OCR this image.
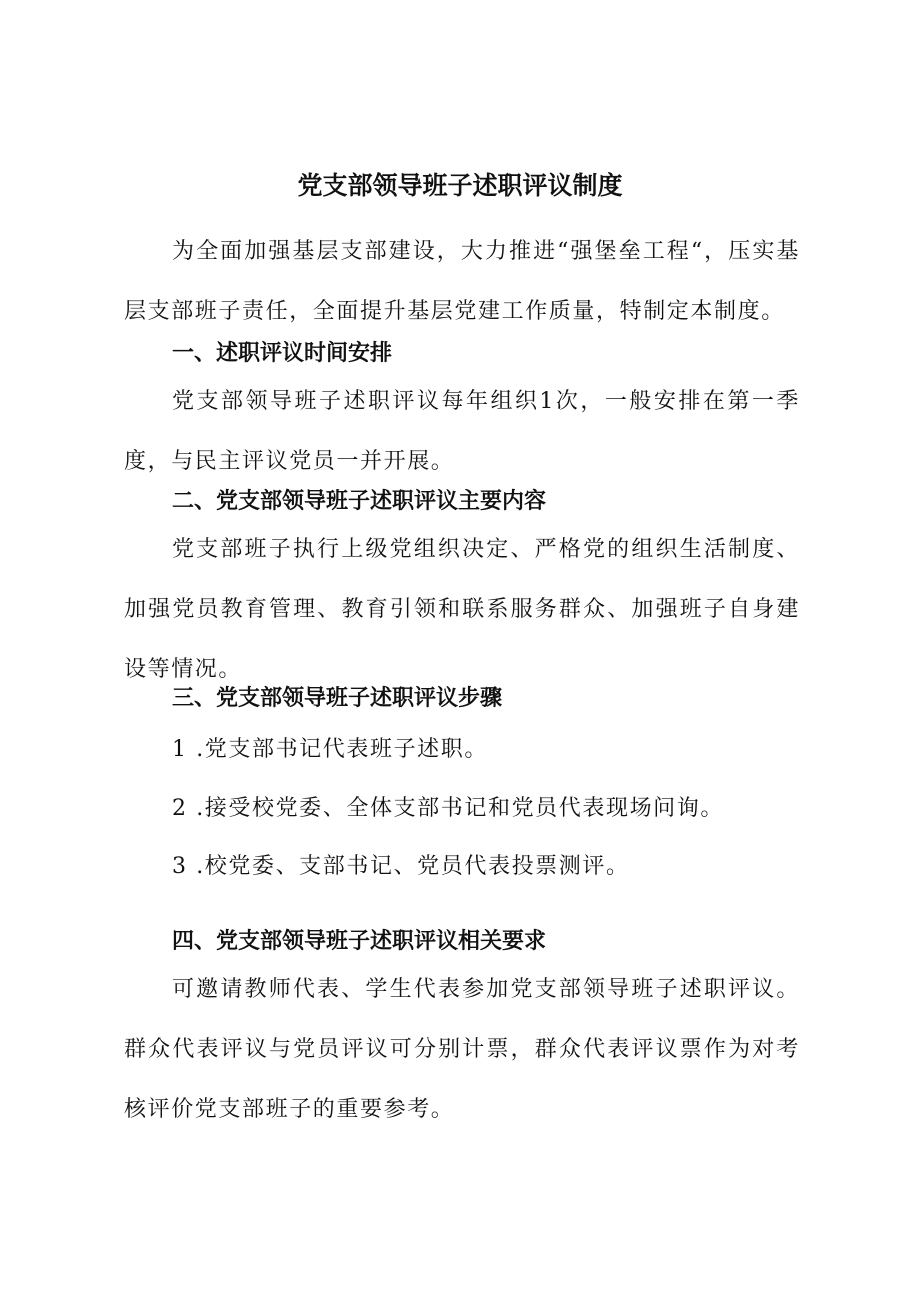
党支部领导班子述职评议制度

为全面加强基层支部建设，大力推进“强堡垒工程“，压实基层支部班子责任，全面提升基层党建工作质量，特制定本制度。

一、述职评议时间安排

党支部领导班子述职评议每年组织1次，一般安排在第一季度，与民主评议党员一并开展。

二、党支部领导班子述职评议主要内容

党支部班子执行上级党组织决定、严格党的组织生活制度、加强党员教育管理、教育引领和联系服务群众、加强班子自身建设等情况。

三、党支部领导班子述职评议步骤

1 .党支部书记代表班子述职。

2 .接受校党委、全体支部书记和党员代表现场问询。

3 .校党委、支部书记、党员代表投票测评。

四、党支部领导班子述职评议相关要求

可邀请教师代表、学生代表参加党支部领导班子述职评议。群众代表评议与党员评议可分别计票，群众代表评议票作为对考核评价党支部班子的重要参考。
